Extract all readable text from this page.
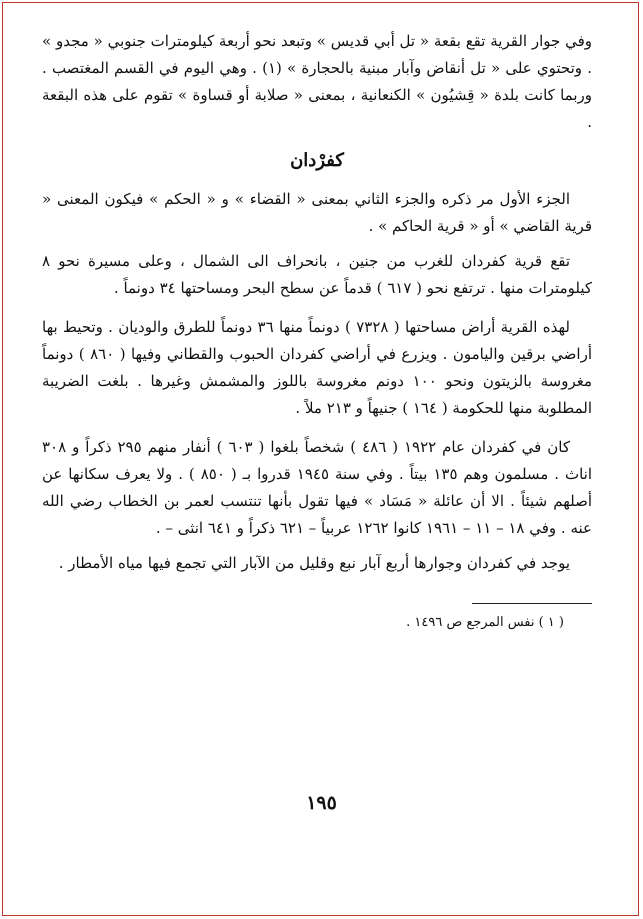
وفي جوار القرية تقع بقعة « تل أبي قديس » وتبعد نحو أربعة كيلومترات جنوبي « مجدو » . وتحتوي على « تل أنقاض وآبار مبنية بالحجارة » (١) . وهي اليوم في القسم المغتصب . وربما كانت بلدة « قِشيُون » الكنعانية ، بمعنى « صلابة أو قساوة » تقوم على هذه البقعة .

كفرْدان

الجزء الأول مر ذكره والجزء الثاني بمعنى « القضاء » و « الحكم » فيكون المعنى « قرية القاضي » أو « قرية الحاكم » .

تقع قرية كفردان للغرب من جنين ، بانحراف الى الشمال ، وعلى مسيرة نحو ٨ كيلومترات منها . ترتفع نحو ( ٦١٧ ) قدماً عن سطح البحر ومساحتها ٣٤ دونماً .

لهذه القرية أراض مساحتها ( ٧٣٢٨ ) دونماً منها ٣٦ دونماً للطرق والوديان . وتحيط بها أراضي برقين واليامون . ويزرع في أراضي كفردان الحبوب والقطاني وفيها ( ٨٦٠ ) دونماً مغروسة بالزيتون ونحو ١٠٠ دونم مغروسة باللوز والمشمش وغيرها . بلغت الضريبة المطلوبة منها للحكومة ( ١٦٤ ) جنيهاً و ٢١٣ ملاً .

كان في كفردان عام ١٩٢٢ ( ٤٨٦ ) شخصاً بلغوا ( ٦٠٣ ) أنفار منهم ٢٩٥ ذكراً و ٣٠٨ اناث . مسلمون وهم ١٣٥ بيتاً . وفي سنة ١٩٤٥ قدروا بـ ( ٨٥٠ ) . ولا يعرف سكانها عن أصلهم شيئاً . الا أن عائلة « مَسَاد » فيها تقول بأنها تنتسب لعمر بن الخطاب رضي الله عنه . وفي ١٨ – ١١ – ١٩٦١ كانوا ١٢٦٢ عربياً – ٦٢١ ذكراً و ٦٤١ انثى – .

يوجد في كفردان وجوارها أربع آبار نبع وقليل من الآبار التي تجمع فيها مياه الأمطار .

( ١ ) نفس المرجع ص ١٤٩٦ .

١٩٥
